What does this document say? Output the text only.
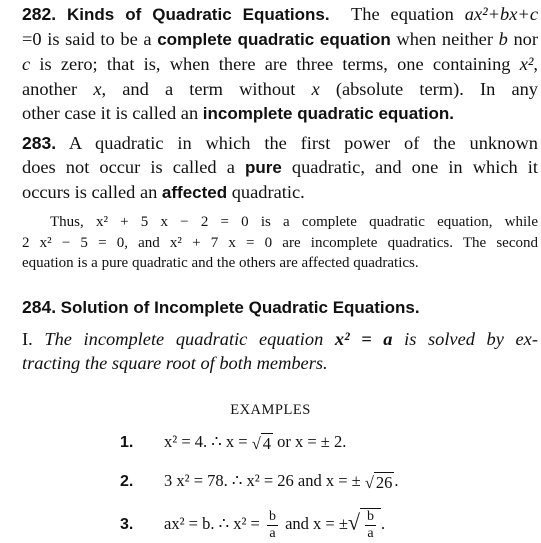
282. Kinds of Quadratic Equations. The equation ax²+bx+c
=0 is said to be a complete quadratic equation when neither b nor
c is zero; that is, when there are three terms, one containing x²,
another x, and a term without x (absolute term). In any
other case it is called an incomplete quadratic equation.

283. A quadratic in which the first power of the unknown
does not occur is called a pure quadratic, and one in which it
occurs is called an affected quadratic.

Thus, x² + 5 x − 2 = 0 is a complete quadratic equation, while
2 x² − 5 = 0, and x² + 7 x = 0 are incomplete quadratics. The second
equation is a pure quadratic and the others are affected quadratics.

284. Solution of Incomplete Quadratic Equations.

I. The incomplete quadratic equation x² = a is solved by ex-
tracting the square root of both members.

EXAMPLES
1. x² = 4. ∴ x = √ 4 or x = ± 2.
2. 3 x² = 78. ∴ x² = 26 and x = ± √ 26 .
3. ax² = b. ∴ $x^2 = \frac{b}{a}$ and x = ±√ $\frac{b}{a}$ .
